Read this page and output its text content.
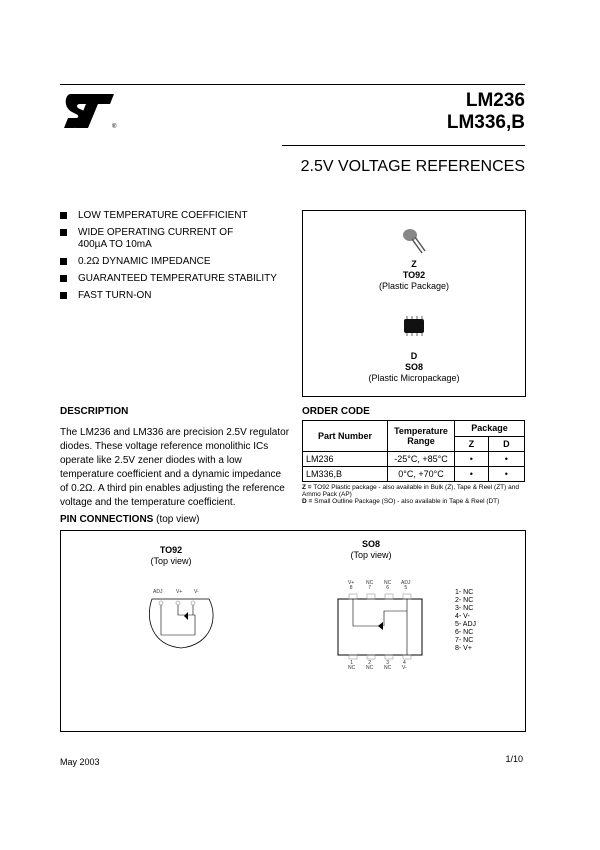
®
LM236
LM336,B
2.5V VOLTAGE REFERENCES
LOW TEMPERATURE COEFFICIENT
WIDE OPERATING CURRENT OF 400µA TO 10mA
0.2Ω DYNAMIC IMPEDANCE
GUARANTEED TEMPERATURE STABILITY
FAST TURN-ON
Z
TO92
(Plastic Package)
D
SO8
(Plastic Micropackage)
DESCRIPTION
The LM236 and LM336 are precision 2.5V regulator diodes. These voltage reference monolithic ICs operate like 2.5V zener diodes with a low temperature coefficient and a dynamic impedance of 0.2Ω. A third pin enables adjusting the reference voltage and the temperature coefficient.
ORDER CODE
Part Number	Temperature Range	Package	
		Z	D
LM236	-25°C, +85°C	•	•
LM336,B	0°C, +70°C	•	•
Z = TO92 Plastic package - also available in Bulk (Z), Tape & Reel (ZT) and Ammo Pack (AP)
D = Small Outline Package (SO) - also available in Tape & Reel (DT)
PIN CONNECTIONS (top view)
TO92
(Top view)
ADJ	V+ V-
SO8
(Top view)
V+
8
NC
7
NC
6
ADJ
5
1
NC
2
NC
3
NC
4
V-
1- NC
2- NC
3- NC
4- V-
5- ADJ
6- NC
7- NC
8- V+
May 2003	1/10
